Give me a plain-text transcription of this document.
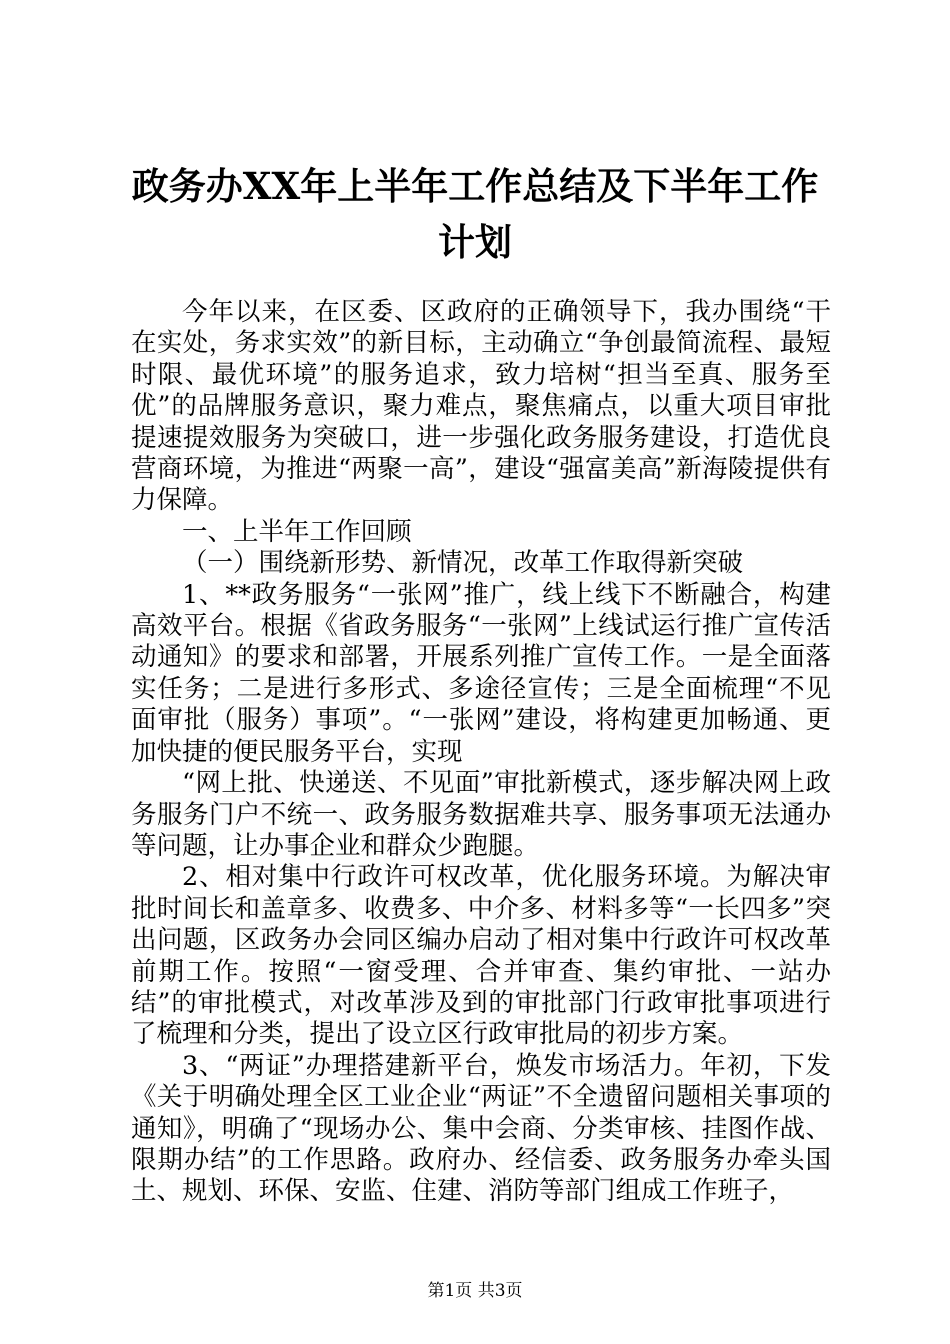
政务办XX年上半年工作总结及下半年工作计划

今年以来，在区委、区政府的正确领导下，我办围绕“干在实处，务求实效”的新目标，主动确立“争创最简流程、最短时限、最优环境”的服务追求，致力培树“担当至真、服务至优”的品牌服务意识，聚力难点，聚焦痛点，以重大项目审批提速提效服务为突破口，进一步强化政务服务建设，打造优良营商环境，为推进“两聚一高”，建设“强富美高”新海陵提供有力保障。

一、上半年工作回顾

（一）围绕新形势、新情况，改革工作取得新突破

1、**政务服务“一张网”推广，线上线下不断融合，构建高效平台。根据《省政务服务“一张网”上线试运行推广宣传活动通知》的要求和部署，开展系列推广宣传工作。一是全面落实任务；二是进行多形式、多途径宣传；三是全面梳理“不见面审批（服务）事项”。“一张网”建设，将构建更加畅通、更加快捷的便民服务平台，实现

“网上批、快递送、不见面”审批新模式，逐步解决网上政务服务门户不统一、政务服务数据难共享、服务事项无法通办等问题，让办事企业和群众少跑腿。

2、相对集中行政许可权改革，优化服务环境。为解决审批时间长和盖章多、收费多、中介多、材料多等“一长四多”突出问题，区政务办会同区编办启动了相对集中行政许可权改革前期工作。按照“一窗受理、合并审查、集约审批、一站办结”的审批模式，对改革涉及到的审批部门行政审批事项进行了梳理和分类，提出了设立区行政审批局的初步方案。

3、“两证”办理搭建新平台，焕发市场活力。年初，下发《关于明确处理全区工业企业“两证”不全遗留问题相关事项的通知》，明确了“现场办公、集中会商、分类审核、挂图作战、限期办结”的工作思路。政府办、经信委、政务服务办牵头国土、规划、环保、安监、住建、消防等部门组成工作班子，

第1页 共3页
